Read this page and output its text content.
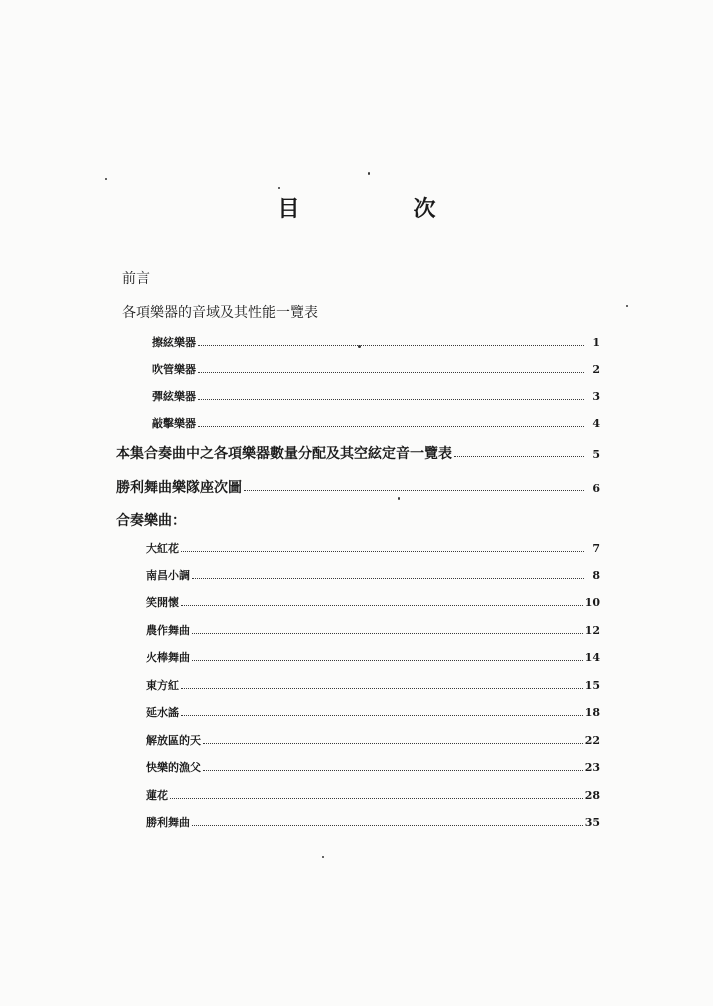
目　次
前言
各項樂器的音域及其性能一覽表
擦絃樂器	1
吹管樂器	2
彈絃樂器	3
敲擊樂器	4
本集合奏曲中之各項樂器數量分配及其空絃定音一覽表	5
勝利舞曲樂隊座次圖	6
合奏樂曲：
大紅花	7
南昌小調	8
笑開懷	10
農作舞曲	12
火棒舞曲	14
東方紅	15
延水謠	18
解放區的天	22
快樂的漁父	23
蓮花	28
勝利舞曲	35
